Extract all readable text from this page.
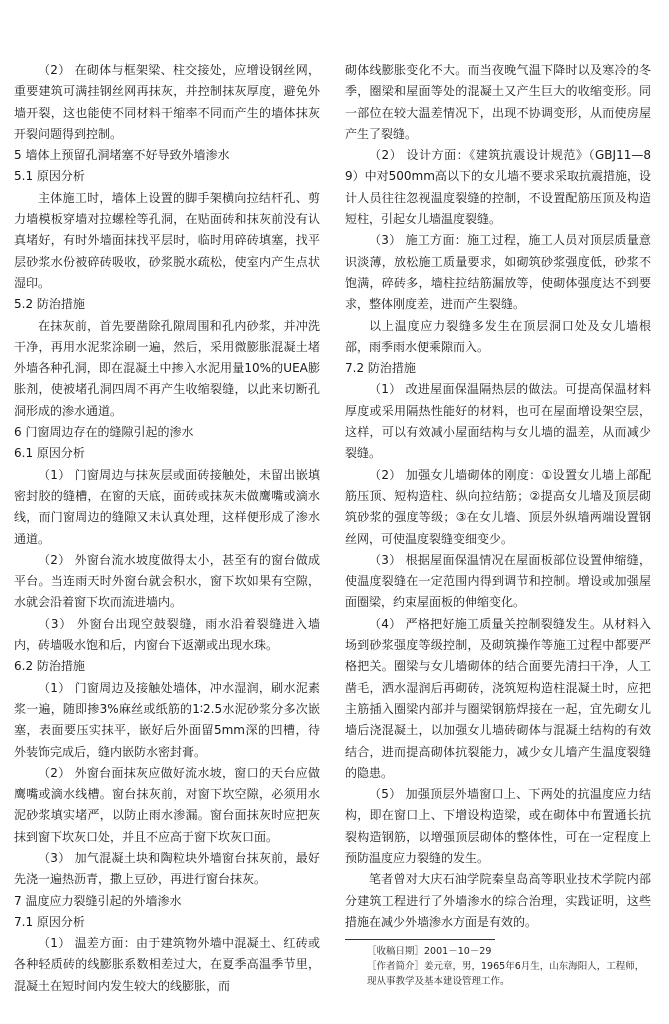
（2） 在砌体与框架梁、柱交接处，应增设钢丝网，重要建筑可满挂钢丝网再抹灰，并控制抹灰厚度，避免外墙开裂，这也能使不同材料干缩率不同而产生的墙体抹灰开裂问题得到控制。

5 墙体上预留孔洞堵塞不好导致外墙渗水

5.1 原因分析

主体施工时，墙体上设置的脚手架横向拉结杆孔、剪力墙模板穿墙对拉螺栓等孔洞，在贴面砖和抹灰前没有认真堵好，有时外墙面抹找平层时，临时用碎砖填塞，找平层砂浆水份被碎砖吸收，砂浆脱水疏松，使室内产生点状湿印。

5.2 防治措施

在抹灰前，首先要凿除孔隙周围和孔内砂浆，并冲洗干净，再用水泥浆涂刷一遍，然后，采用微膨胀混凝土堵外墙各种孔洞，即在混凝土中掺入水泥用量10%的UEA膨胀剂，使被堵孔洞四周不再产生收缩裂缝，以此来切断孔洞形成的渗水通道。

6 门窗周边存在的缝隙引起的渗水

6.1 原因分析

（1） 门窗周边与抹灰层或面砖接触处，未留出嵌填密封胶的缝槽，在窗的天底，面砖或抹灰未做鹰嘴或滴水线，而门窗周边的缝隙又未认真处理，这样便形成了渗水通道。

（2） 外窗台流水坡度做得太小，甚至有的窗台做成平台。当连雨天时外窗台就会积水，窗下坎如果有空隙，水就会沿着窗下坎而流进墙内。

（3） 外窗台出现空鼓裂缝，雨水沿着裂缝进入墙内，砖墙吸水饱和后，内窗台下返潮或出现水珠。

6.2 防治措施

（1） 门窗周边及接触处墙体，冲水湿润，刷水泥素浆一遍，随即掺3%麻丝或纸筋的1∶2.5水泥砂浆分多次嵌塞，表面要压实抹平，嵌好后外面留5mm深的凹槽，待外装饰完成后，缝内嵌防水密封膏。

（2） 外窗台面抹灰应做好流水坡，窗口的天台应做鹰嘴或滴水线槽。窗台抹灰前，对窗下坎空隙，必须用水泥砂浆填实堵严，以防止雨水渗漏。窗台面抹灰时应把灰抹到窗下坎灰口处，并且不应高于窗下坎灰口面。

（3） 加气混凝土块和陶粒块外墙窗台抹灰前，最好先浇一遍热沥青，撒上豆砂，再进行窗台抹灰。

7 温度应力裂缝引起的外墙渗水

7.1 原因分析

（1） 温差方面：由于建筑物外墙中混凝土、红砖或各种轻质砖的线膨胀系数相差过大，在夏季高温季节里，混凝土在短时间内发生较大的线膨胀，而

砌体线膨胀变化不大。而当夜晚气温下降时以及寒冷的冬季，圈梁和屋面等处的混凝土又产生巨大的收缩变形。同一部位在较大温差情况下，出现不协调变形，从而使房屋产生了裂缝。

（2） 设计方面：《建筑抗震设计规范》（GBJ11—89）中对500mm高以下的女儿墙不要求采取抗震措施，设计人员往往忽视温度裂缝的控制，不设置配筋压顶及构造短柱，引起女儿墙温度裂缝。

（3） 施工方面：施工过程，施工人员对顶层质量意识淡薄，放松施工质量要求，如砌筑砂浆强度低，砂浆不饱满，碎砖多，墙柱拉结筋漏放等，使砌体强度达不到要求，整体刚度差，进而产生裂缝。

以上温度应力裂缝多发生在顶层洞口处及女儿墙根部，雨季雨水便乘隙而入。

7.2 防治措施

（1） 改进屋面保温隔热层的做法。可提高保温材料厚度或采用隔热性能好的材料，也可在屋面增设架空层，这样，可以有效减小屋面结构与女儿墙的温差，从而减少裂缝。

（2） 加强女儿墙砌体的刚度：①设置女儿墙上部配筋压顶、短构造柱、纵向拉结筋；②提高女儿墙及顶层砌筑砂浆的强度等级；③在女儿墙、顶层外纵墙两端设置钢丝网，可使温度裂缝变细变少。

（3） 根据屋面保温情况在屋面板部位设置伸缩缝，使温度裂缝在一定范围内得到调节和控制。增设或加强屋面圈梁，约束屋面板的伸缩变化。

（4） 严格把好施工质量关控制裂缝发生。从材料入场到砂浆强度等级控制，及砌筑操作等施工过程中都要严格把关。圈梁与女儿墙砌体的结合面要先清扫干净，人工凿毛，洒水湿润后再砌砖，浇筑短构造柱混凝土时，应把主筋插入圈梁内部并与圈梁钢筋焊接在一起，宜先砌女儿墙后浇混凝土，以加强女儿墙砖砌体与混凝土结构的有效结合，进而提高砌体抗裂能力，减少女儿墙产生温度裂缝的隐患。

（5） 加强顶层外墙窗口上、下两处的抗温度应力结构，即在窗口上、下增设构造梁，或在砌体中布置通长抗裂构造钢筋，以增强顶层砌体的整体性，可在一定程度上预防温度应力裂缝的发生。

笔者曾对大庆石油学院秦皇岛高等职业技术学院内部分建筑工程进行了外墙渗水的综合治理，实践证明，这些措施在减少外墙渗水方面是有效的。

［收稿日期］2001－10－29

［作者简介］姜元章，男，1965年6月生，山东海阳人，工程师，现从事教学及基本建设管理工作。
